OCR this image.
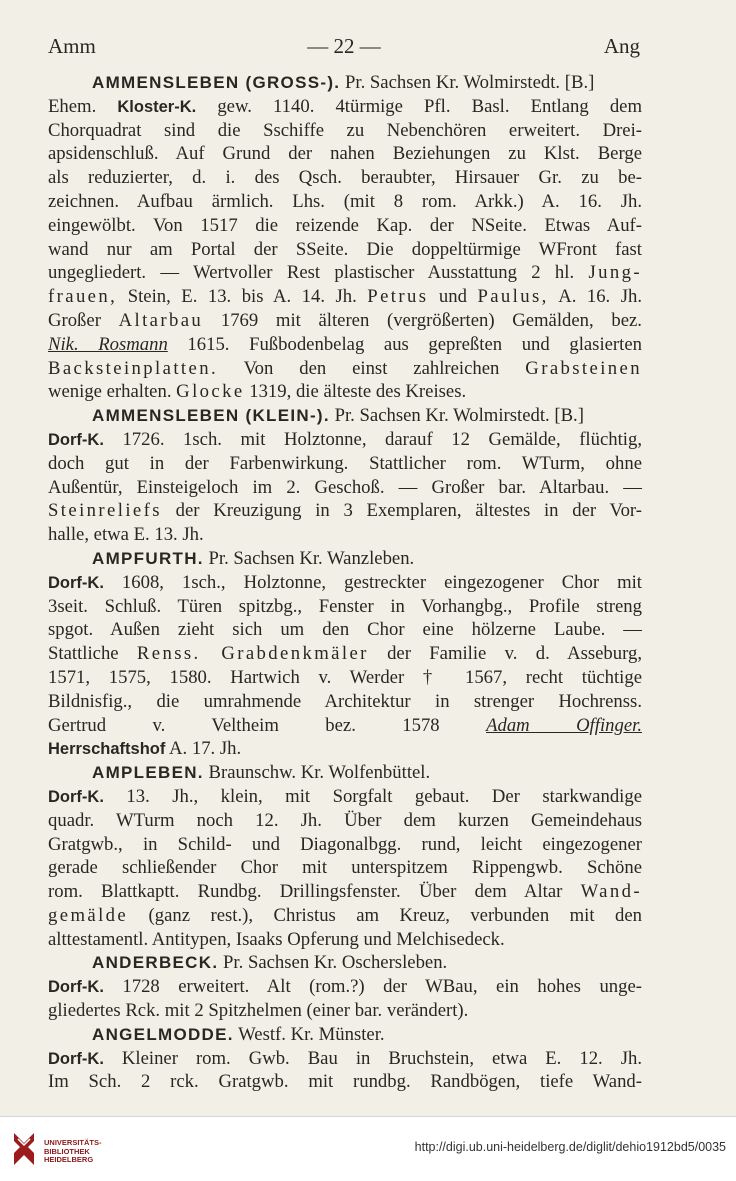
Amm	— 22 —	Ang
AMMENSLEBEN (GROSS-). Pr. Sachsen Kr. Wolmirstedt. [B.]
Ehem. Kloster-K. gew. 1140. 4türmige Pfl. Basl. Entlang dem
Chorquadrat sind die Sschiffe zu Nebenchören erweitert. Drei-
apsidenschluß. Auf Grund der nahen Beziehungen zu Klst. Berge
als reduzierter, d. i. des Qsch. beraubter, Hirsauer Gr. zu be-
zeichnen. Aufbau ärmlich. Lhs. (mit 8 rom. Arkk.) A. 16. Jh.
eingewölbt. Von 1517 die reizende Kap. der NSeite. Etwas Auf-
wand nur am Portal der SSeite. Die doppeltürmige WFront fast
ungegliedert. — Wertvoller Rest plastischer Ausstattung 2 hl. Jung-
frauen, Stein, E. 13. bis A. 14. Jh. Petrus und Paulus, A. 16. Jh.
Großer Altarbau 1769 mit älteren (vergrößerten) Gemälden, bez.
Nik. Rosmann 1615. Fußbodenbelag aus gepreßten und glasierten
Backsteinplatten. Von den einst zahlreichen Grabsteinen
wenige erhalten. Glocke 1319, die älteste des Kreises.
AMMENSLEBEN (KLEIN-). Pr. Sachsen Kr. Wolmirstedt. [B.]
Dorf-K. 1726. 1sch. mit Holztonne, darauf 12 Gemälde, flüchtig,
doch gut in der Farbenwirkung. Stattlicher rom. WTurm, ohne
Außentür, Einsteigeloch im 2. Geschoß. — Großer bar. Altarbau. —
Steinreliefs der Kreuzigung in 3 Exemplaren, ältestes in der Vor-
halle, etwa E. 13. Jh.
AMPFURTH. Pr. Sachsen Kr. Wanzleben.
Dorf-K. 1608, 1sch., Holztonne, gestreckter eingezogener Chor mit
3seit. Schluß. Türen spitzbg., Fenster in Vorhangbg., Profile streng
spgot. Außen zieht sich um den Chor eine hölzerne Laube. —
Stattliche Renss. Grabdenkmäler der Familie v. d. Asseburg,
1571, 1575, 1580. Hartwich v. Werder † 1567, recht tüchtige
Bildnisfig., die umrahmende Architektur in strenger Hochrenss.
Gertrud v. Veltheim bez. 1578 Adam Offinger.
Herrschaftshof A. 17. Jh.
AMPLEBEN. Braunschw. Kr. Wolfenbüttel.
Dorf-K. 13. Jh., klein, mit Sorgfalt gebaut. Der starkwandige
quadr. WTurm noch 12. Jh. Über dem kurzen Gemeindehaus
Gratgwb., in Schild- und Diagonalbgg. rund, leicht eingezogener
gerade schließender Chor mit unterspitzem Rippengwb. Schöne
rom. Blattkaptt. Rundbg. Drillingsfenster. Über dem Altar Wand-
gemälde (ganz rest.), Christus am Kreuz, verbunden mit den
alttestamentl. Antitypen, Isaaks Opferung und Melchisedeck.
ANDERBECK. Pr. Sachsen Kr. Oschersleben.
Dorf-K. 1728 erweitert. Alt (rom.?) der WBau, ein hohes unge-
gliedertes Rck. mit 2 Spitzhelmen (einer bar. verändert).
ANGELMODDE. Westf. Kr. Münster.
Dorf-K. Kleiner rom. Gwb. Bau in Bruchstein, etwa E. 12. Jh.
Im Sch. 2 rck. Gratgwb. mit rundbg. Randbögen, tiefe Wand-
UNIVERSITÄTS-
BIBLIOTHEK
HEIDELBERG
http://digi.ub.uni-heidelberg.de/diglit/dehio1912bd5/0035
